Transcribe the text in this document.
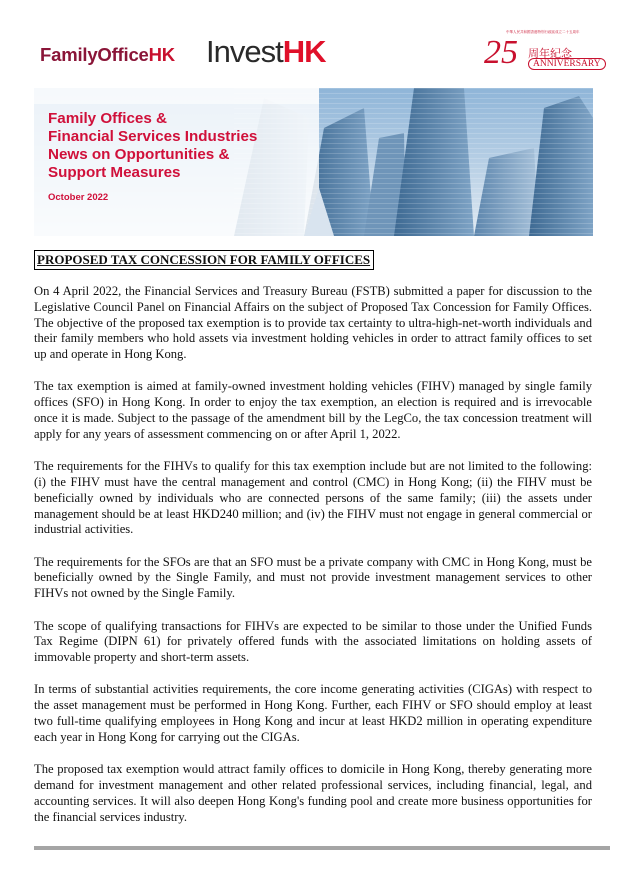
FamilyOfficeHK InvestHK
中華人民共和國香港特別行政區成立二十五周年
25 周年紀念
ANNIVERSARY

Family Offices &
Financial Services Industries
News on Opportunities &
Support Measures

October 2022
PROPOSED TAX CONCESSION FOR FAMILY OFFICES

On 4 April 2022, the Financial Services and Treasury Bureau (FSTB) submitted a paper for discussion to the Legislative Council Panel on Financial Affairs on the subject of Proposed Tax Concession for Family Offices. The objective of the proposed tax exemption is to provide tax certainty to ultra-high-net-worth individuals and their family members who hold assets via investment holding vehicles in order to attract family offices to set up and operate in Hong Kong.

The tax exemption is aimed at family-owned investment holding vehicles (FIHV) managed by single family offices (SFO) in Hong Kong. In order to enjoy the tax exemption, an election is required and is irrevocable once it is made. Subject to the passage of the amendment bill by the LegCo, the tax concession treatment will apply for any years of assessment commencing on or after April 1, 2022.

The requirements for the FIHVs to qualify for this tax exemption include but are not limited to the following: (i) the FIHV must have the central management and control (CMC) in Hong Kong; (ii) the FIHV must be beneficially owned by individuals who are connected persons of the same family; (iii) the assets under management should be at least HKD240 million; and (iv) the FIHV must not engage in general commercial or industrial activities.

The requirements for the SFOs are that an SFO must be a private company with CMC in Hong Kong, must be beneficially owned by the Single Family, and must not provide investment management services to other FIHVs not owned by the Single Family.

The scope of qualifying transactions for FIHVs are expected to be similar to those under the Unified Funds Tax Regime (DIPN 61) for privately offered funds with the associated limitations on holding assets of immovable property and short-term assets.

In terms of substantial activities requirements, the core income generating activities (CIGAs) with respect to the asset management must be performed in Hong Kong. Further, each FIHV or SFO should employ at least two full-time qualifying employees in Hong Kong and incur at least HKD2 million in operating expenditure each year in Hong Kong for carrying out the CIGAs.

The proposed tax exemption would attract family offices to domicile in Hong Kong, thereby generating more demand for investment management and other related professional services, including financial, legal, and accounting services. It will also deepen Hong Kong's funding pool and create more business opportunities for the financial services industry.
